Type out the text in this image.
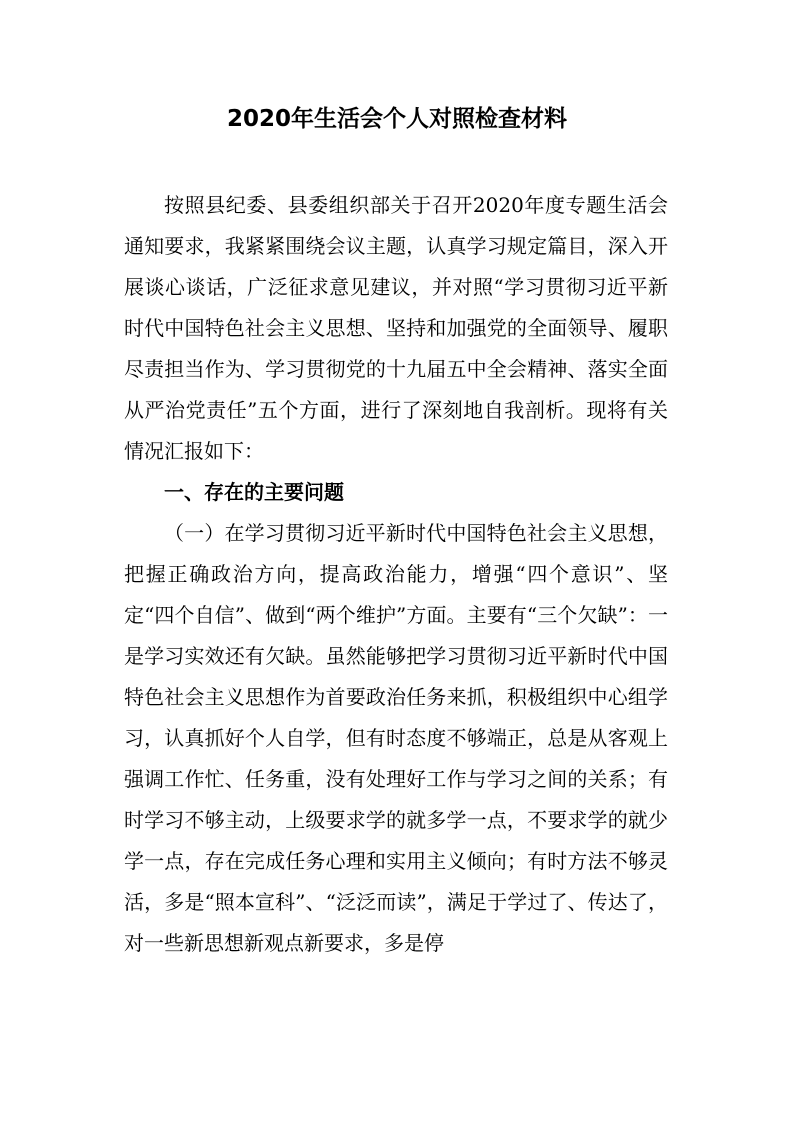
2020年生活会个人对照检查材料

按照县纪委、县委组织部关于召开2020年度专题生活会通知要求，我紧紧围绕会议主题，认真学习规定篇目，深入开展谈心谈话，广泛征求意见建议，并对照“学习贯彻习近平新时代中国特色社会主义思想、坚持和加强党的全面领导、履职尽责担当作为、学习贯彻党的十九届五中全会精神、落实全面从严治党责任”五个方面，进行了深刻地自我剖析。现将有关情况汇报如下：

一、存在的主要问题

（一）在学习贯彻习近平新时代中国特色社会主义思想，把握正确政治方向，提高政治能力，增强“四个意识”、坚定“四个自信”、做到“两个维护”方面。主要有“三个欠缺”：一是学习实效还有欠缺。虽然能够把学习贯彻习近平新时代中国特色社会主义思想作为首要政治任务来抓，积极组织中心组学习，认真抓好个人自学，但有时态度不够端正，总是从客观上强调工作忙、任务重，没有处理好工作与学习之间的关系；有时学习不够主动，上级要求学的就多学一点，不要求学的就少学一点，存在完成任务心理和实用主义倾向；有时方法不够灵活，多是“照本宣科”、“泛泛而读”，满足于学过了、传达了，对一些新思想新观点新要求，多是停
